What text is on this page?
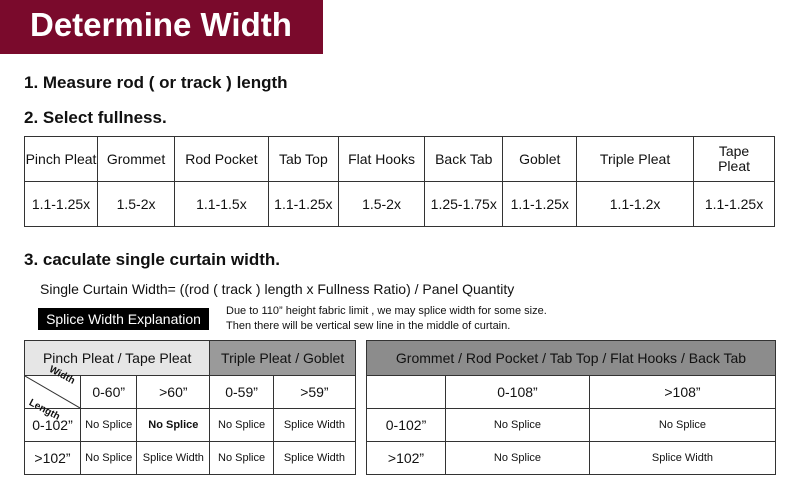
Determine Width
1. Measure rod ( or track ) length
2. Select fullness.
Pinch Pleat	Grommet	Rod Pocket	Tab Top	Flat Hooks	Back Tab	Goblet	Triple Pleat	Tape Pleat
1.1-1.25x	1.5-2x	1.1-1.5x	1.1-1.25x	1.5-2x	1.25-1.75x	1.1-1.25x	1.1-1.2x	1.1-1.25x
3. caculate single curtain width.
Single Curtain Width= ((rod ( track ) length x Fullness Ratio) / Panel Quantity
Splice Width Explanation	Due to 110” height fabric limit , we may splice width for some size.
Then there will be vertical sew line in the middle of curtain.
Pinch Pleat / Tape Pleat			Triple Pleat / Goblet	

Width
Length	0-60”	>60”	0-59”	>59”
0-102”	No Splice	No Splice	No Splice	Splice Width
>102”	No Splice	Splice Width	No Splice	Splice Width
Grommet / Rod Pocket / Tab Top / Flat Hooks / Back Tab		
	0-108”	>108”
0-102”	No Splice	No Splice
>102”	No Splice	Splice Width
